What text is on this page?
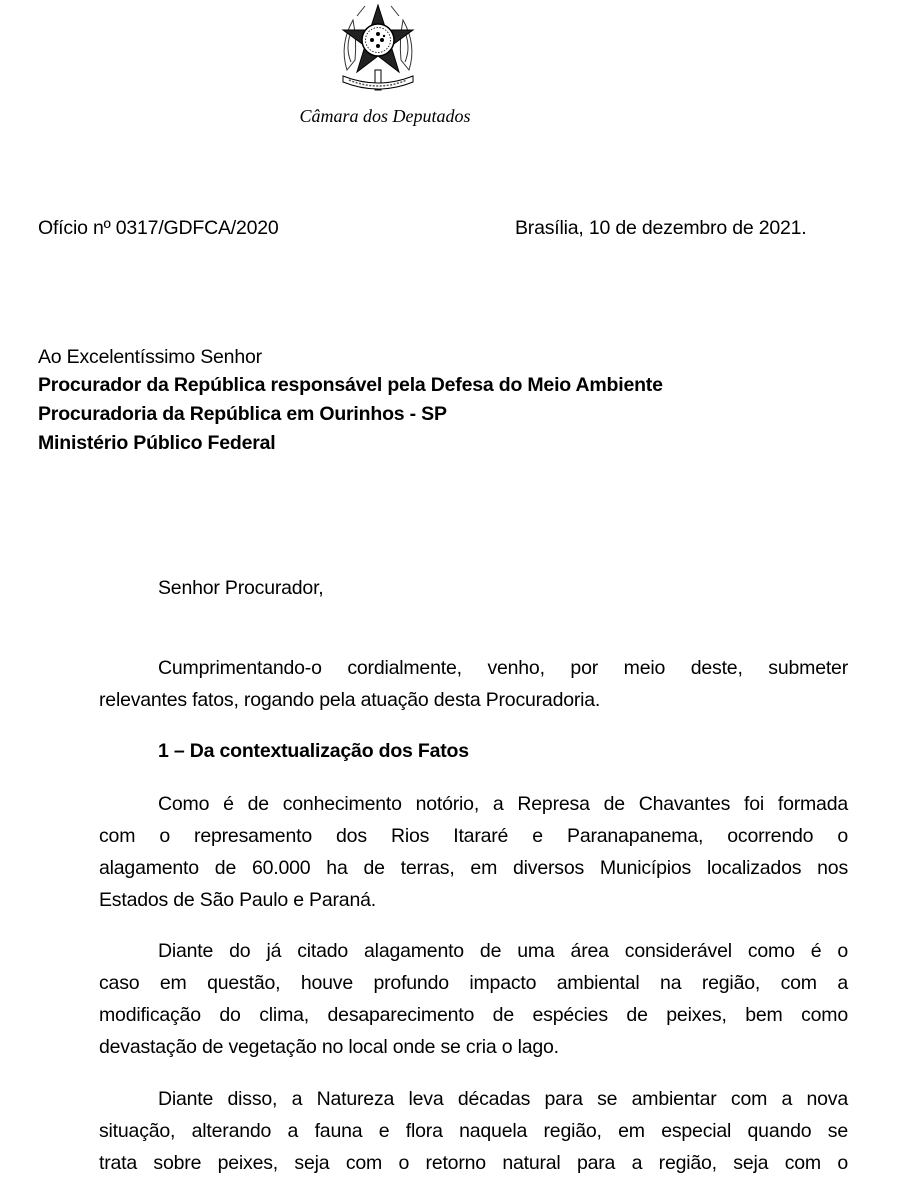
Câmara dos Deputados
Ofício nº 0317/GDFCA/2020	Brasília, 10 de dezembro de 2021.
Ao Excelentíssimo Senhor
Procurador da República responsável pela Defesa do Meio Ambiente
Procuradoria da República em Ourinhos - SP
Ministério Público Federal
Senhor Procurador,
Cumprimentando-o cordialmente, venho, por meio deste, submeter
relevantes fatos, rogando pela atuação desta Procuradoria.
1 – Da contextualização dos Fatos
Como é de conhecimento notório, a Represa de Chavantes foi formada
com o represamento dos Rios Itararé e Paranapanema, ocorrendo o
alagamento de 60.000 ha de terras, em diversos Municípios localizados nos
Estados de São Paulo e Paraná.
Diante do já citado alagamento de uma área considerável como é o
caso em questão, houve profundo impacto ambiental na região, com a
modificação do clima, desaparecimento de espécies de peixes, bem como
devastação de vegetação no local onde se cria o lago.
Diante disso, a Natureza leva décadas para se ambientar com a nova
situação, alterando a fauna e flora naquela região, em especial quando se
trata sobre peixes, seja com o retorno natural para a região, seja com o
